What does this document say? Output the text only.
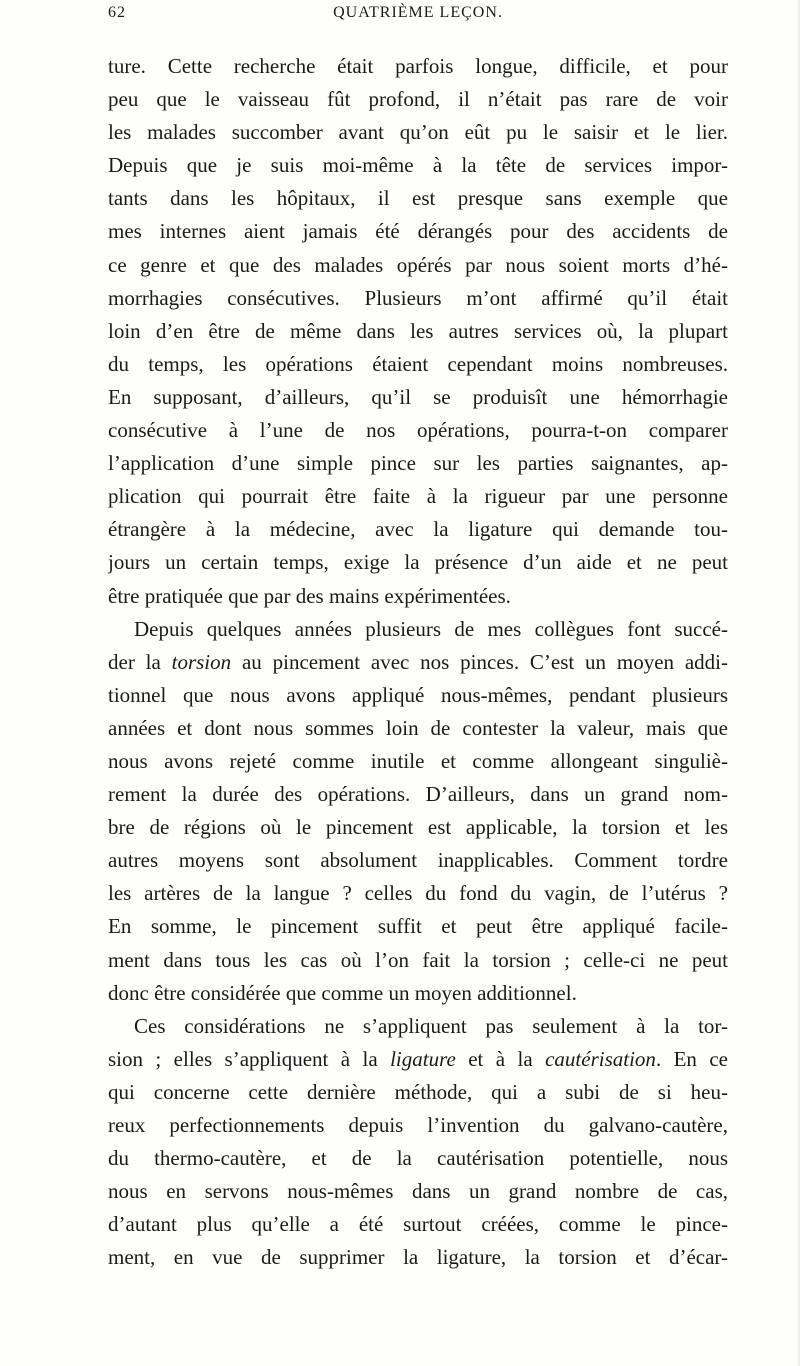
62	QUATRIÈME LEÇON.
ture. Cette recherche était parfois longue, difficile, et pour
peu que le vaisseau fût profond, il n’était pas rare de voir
les malades succomber avant qu’on eût pu le saisir et le lier.
Depuis que je suis moi-même à la tête de services impor-
tants dans les hôpitaux, il est presque sans exemple que
mes internes aient jamais été dérangés pour des accidents de
ce genre et que des malades opérés par nous soient morts d’hé-
morrhagies consécutives. Plusieurs m’ont affirmé qu’il était
loin d’en être de même dans les autres services où, la plupart
du temps, les opérations étaient cependant moins nombreuses.
En supposant, d’ailleurs, qu’il se produisît une hémorrhagie
consécutive à l’une de nos opérations, pourra-t-on comparer
l’application d’une simple pince sur les parties saignantes, ap-
plication qui pourrait être faite à la rigueur par une personne
étrangère à la médecine, avec la ligature qui demande tou-
jours un certain temps, exige la présence d’un aide et ne peut
être pratiquée que par des mains expérimentées.
Depuis quelques années plusieurs de mes collègues font succé-
der la torsion au pincement avec nos pinces. C’est un moyen addi-
tionnel que nous avons appliqué nous-mêmes, pendant plusieurs
années et dont nous sommes loin de contester la valeur, mais que
nous avons rejeté comme inutile et comme allongeant singuliè-
rement la durée des opérations. D’ailleurs, dans un grand nom-
bre de régions où le pincement est applicable, la torsion et les
autres moyens sont absolument inapplicables. Comment tordre
les artères de la langue ? celles du fond du vagin, de l’utérus ?
En somme, le pincement suffit et peut être appliqué facile-
ment dans tous les cas où l’on fait la torsion ; celle-ci ne peut
donc être considérée que comme un moyen additionnel.
Ces considérations ne s’appliquent pas seulement à la tor-
sion ; elles s’appliquent à la ligature et à la cautérisation. En ce
qui concerne cette dernière méthode, qui a subi de si heu-
reux perfectionnements depuis l’invention du galvano-cautère,
du thermo-cautère, et de la cautérisation potentielle, nous
nous en servons nous-mêmes dans un grand nombre de cas,
d’autant plus qu’elle a été surtout créées, comme le pince-
ment, en vue de supprimer la ligature, la torsion et d’écar-
